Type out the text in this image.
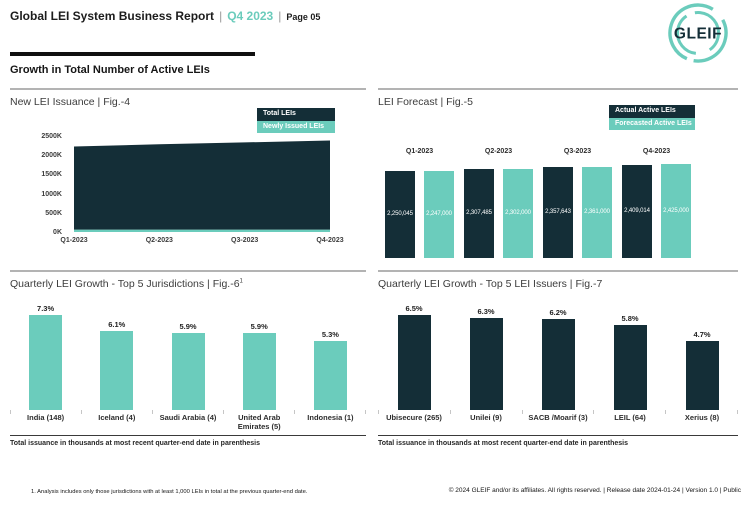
Global LEI System Business Report | Q4 2023 | Page 05
GLEIF
Growth in Total Number of Active LEIs
New LEI Issuance | Fig.-4
Total LEIs
Newly Issued LEIs
2500K
2000K
1500K
1000K
500K
0K
Q1-2023	Q2-2023	Q3-2023	Q4-2023
LEI Forecast | Fig.-5
Actual Active LEIs
Forecasted Active LEIs
Q1-2023
2,250,045 2,247,000
Q2-2023
2,307,485 2,302,000
Q3-2023
2,357,643 2,361,000
Q4-2023
2,409,014 2,425,000
Quarterly LEI Growth - Top 5 Jurisdictions | $Fig.-6^1$
7.3%
India (148)
6.1%
Iceland (4)
5.9%
Saudi Arabia (4)
5.9%
United Arab Emirates (5)
5.3%
Indonesia (1)
Total issuance in thousands at most recent quarter-end date in parenthesis
Quarterly LEI Growth - Top 5 LEI Issuers | Fig.-7
6.5%
Ubisecure (265)
6.3%
Unilei (9)
6.2%
SACB /Moarif (3)
5.8%
LEIL (64)
4.7%
Xerius (8)
Total issuance in thousands at most recent quarter-end date in parenthesis
1. Analysis includes only those jurisdictions with at least 1,000 LEIs in total at the previous quarter-end date.	© 2024 GLEIF and/or its affiliates. All rights reserved. | Release date 2024-01-24 | Version 1.0 | Public
